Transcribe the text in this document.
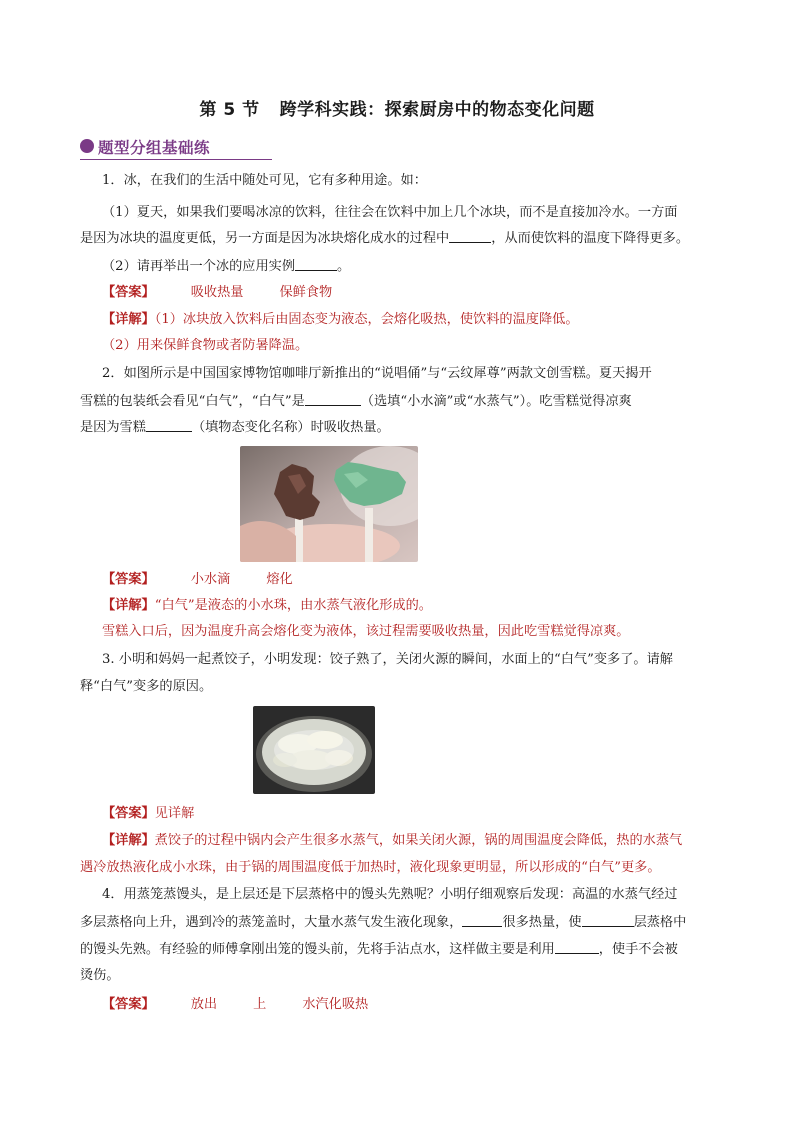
第 5 节 跨学科实践：探索厨房中的物态变化问题
题型分组基础练
1．冰，在我们的生活中随处可见，它有多种用途。如：
（1）夏天，如果我们要喝冰凉的饮料，往往会在饮料中加上几个冰块，而不是直接加冷水。一方面
是因为冰块的温度更低，另一方面是因为冰块熔化成水的过程中	，从而使饮料的温度下降得更多。
（2）请再举出一个冰的应用实例	。
【答案】	吸收热量	保鲜食物
【详解】（1）冰块放入饮料后由固态变为液态，会熔化吸热，使饮料的温度降低。
（2）用来保鲜食物或者防暑降温。
2．如图所示是中国国家博物馆咖啡厅新推出的“说唱俑”与“云纹犀尊”两款文创雪糕。夏天揭开
雪糕的包装纸会看见“白气”，“白气”是	（选填“小水滴”或“水蒸气”）。吃雪糕觉得凉爽
是因为雪糕	（填物态变化名称）时吸收热量。
【答案】	小水滴	熔化
【详解】“白气”是液态的小水珠，由水蒸气液化形成的。
雪糕入口后，因为温度升高会熔化变为液体，该过程需要吸收热量，因此吃雪糕觉得凉爽。
3. 小明和妈妈一起煮饺子，小明发现：饺子熟了，关闭火源的瞬间，水面上的“白气”变多了。请解
释“白气”变多的原因。
【答案】见详解
【详解】煮饺子的过程中锅内会产生很多水蒸气，如果关闭火源，锅的周围温度会降低，热的水蒸气
遇冷放热液化成小水珠，由于锅的周围温度低于加热时，液化现象更明显，所以形成的“白气”更多。
4．用蒸笼蒸馒头，是上层还是下层蒸格中的馒头先熟呢？小明仔细观察后发现：高温的水蒸气经过
多层蒸格向上升，遇到冷的蒸笼盖时，大量水蒸气发生液化现象，	很多热量，使	层蒸格中
的馒头先熟。有经验的师傅拿刚出笼的馒头前，先将手沾点水，这样做主要是利用	，使手不会被
烫伤。
【答案】	放出	上	水汽化吸热
